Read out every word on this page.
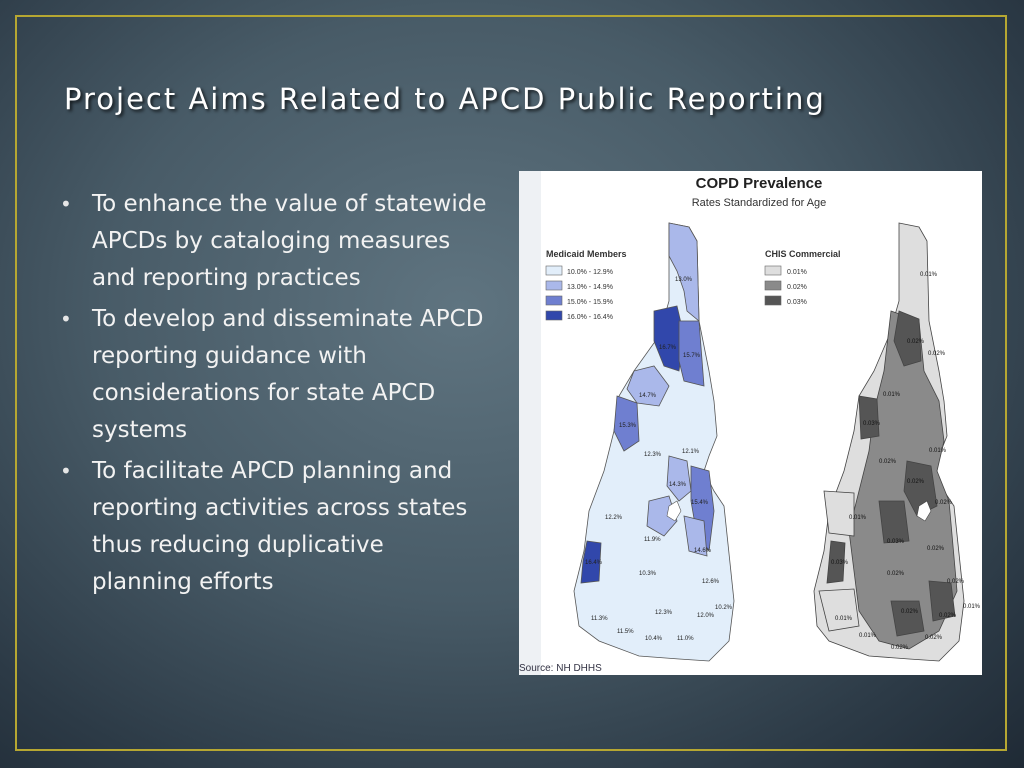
Project Aims Related to APCD Public Reporting
• To enhance the value of statewide APCDs by cataloging measures and reporting practices
• To develop and disseminate APCD reporting guidance with considerations for state APCD systems
• To facilitate APCD planning and reporting activities across states thus reducing duplicative planning efforts
COPD Prevalence
Rates Standardized for Age
Medicaid Members
10.0% - 12.9%
13.0% - 14.9%
15.0% - 15.9%
16.0% - 16.4%
CHIS Commercial
0.01%
0.02%
0.03%
13.0%
16.7%
15.7%
14.7%
15.3%
12.3%	12.1%
14.3%
15.4%
12.2%
11.9%
14.6%
16.4%
10.3%
12.6%
11.3%
11.5%
12.3%	12.0%
10.4% 11.0%
10.2%
0.01%
0.02%
0.02%
0.01%
0.03%
0.02%
0.01%
0.02%
0.02%
0.01%
0.03%
0.02%
0.02%
0.03%
0.02%
0.01%
0.02%
0.02%
0.01%
0.01%	0.02%
0.02%
Source: NH DHHS
